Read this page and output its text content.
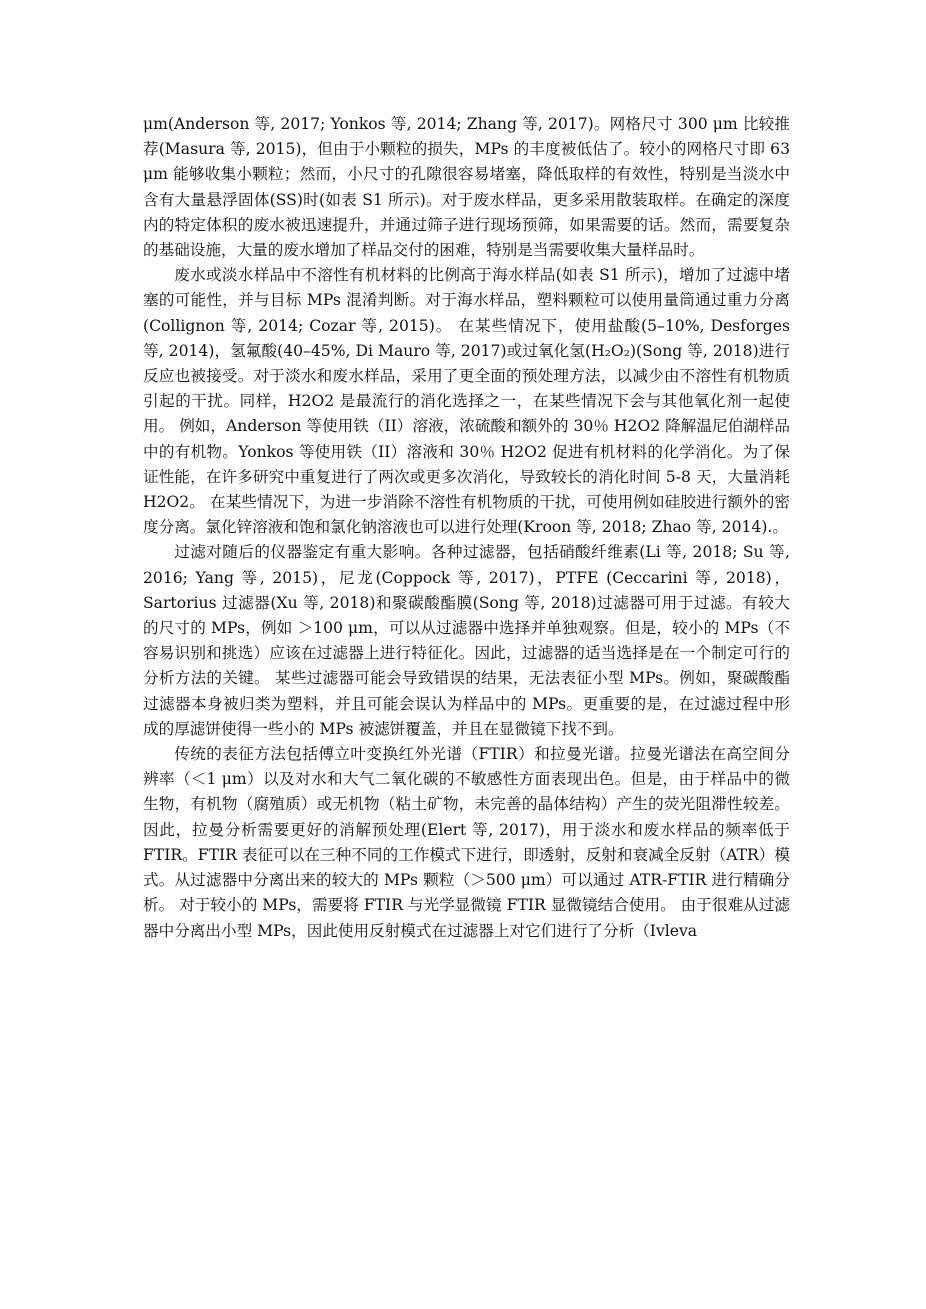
μm(Anderson 等, 2017; Yonkos 等, 2014; Zhang 等, 2017)。网格尺寸 300 μm 比较推荐(Masura 等, 2015)，但由于小颗粒的损失，MPs 的丰度被低估了。较小的网格尺寸即 63 μm 能够收集小颗粒；然而，小尺寸的孔隙很容易堵塞，降低取样的有效性，特别是当淡水中含有大量悬浮固体(SS)时(如表 S1 所示)。对于废水样品，更多采用散装取样。在确定的深度内的特定体积的废水被迅速提升，并通过筛子进行现场预筛，如果需要的话。然而，需要复杂的基础设施，大量的废水增加了样品交付的困难，特别是当需要收集大量样品时。

废水或淡水样品中不溶性有机材料的比例高于海水样品(如表 S1 所示)，增加了过滤中堵塞的可能性，并与目标 MPs 混淆判断。对于海水样品，塑料颗粒可以使用量筒通过重力分离 (Collignon 等, 2014; Cozar 等, 2015)。 在某些情况下，使用盐酸(5–10%, Desforges 等, 2014)，氢氟酸(40–45%, Di Mauro 等, 2017)或过氧化氢(H₂O₂)(Song 等, 2018)进行反应也被接受。对于淡水和废水样品，采用了更全面的预处理方法，以减少由不溶性有机物质引起的干扰。同样，H2O2 是最流行的消化选择之一，在某些情况下会与其他氧化剂一起使用。 例如，Anderson 等使用铁（II）溶液，浓硫酸和额外的 30％ H2O2 降解温尼伯湖样品中的有机物。Yonkos 等使用铁（II）溶液和 30％ H2O2 促进有机材料的化学消化。为了保证性能，在许多研究中重复进行了两次或更多次消化，导致较长的消化时间 5-8 天，大量消耗 H2O2。 在某些情况下，为进一步消除不溶性有机物质的干扰，可使用例如硅胶进行额外的密度分离。氯化锌溶液和饱和氯化钠溶液也可以进行处理(Kroon 等, 2018; Zhao 等, 2014).。

过滤对随后的仪器鉴定有重大影响。各种过滤器，包括硝酸纤维素(Li 等, 2018; Su 等, 2016; Yang 等, 2015)，尼龙(Coppock 等, 2017)，PTFE (Ceccarini 等, 2018)，Sartorius 过滤器(Xu 等, 2018)和聚碳酸酯膜(Song 等, 2018)过滤器可用于过滤。有较大的尺寸的 MPs，例如 ＞100 μm，可以从过滤器中选择并单独观察。但是，较小的 MPs（不容易识别和挑选）应该在过滤器上进行特征化。因此，过滤器的适当选择是在一个制定可行的分析方法的关键。 某些过滤器可能会导致错误的结果，无法表征小型 MPs。例如，聚碳酸酯过滤器本身被归类为塑料，并且可能会误认为样品中的 MPs。更重要的是，在过滤过程中形成的厚滤饼使得一些小的 MPs 被滤饼覆盖，并且在显微镜下找不到。

传统的表征方法包括傅立叶变换红外光谱（FTIR）和拉曼光谱。拉曼光谱法在高空间分辨率（＜1 μm）以及对水和大气二氧化碳的不敏感性方面表现出色。但是，由于样品中的微生物，有机物（腐殖质）或无机物（粘土矿物，未完善的晶体结构）产生的荧光阻滞性较差。 因此，拉曼分析需要更好的消解预处理(Elert 等, 2017)，用于淡水和废水样品的频率低于 FTIR。FTIR 表征可以在三种不同的工作模式下进行，即透射，反射和衰减全反射（ATR）模式。从过滤器中分离出来的较大的 MPs 颗粒（＞500 μm）可以通过 ATR-FTIR 进行精确分析。 对于较小的 MPs，需要将 FTIR 与光学显微镜 FTIR 显微镜结合使用。 由于很难从过滤器中分离出小型 MPs，因此使用反射模式在过滤器上对它们进行了分析（Ivleva
